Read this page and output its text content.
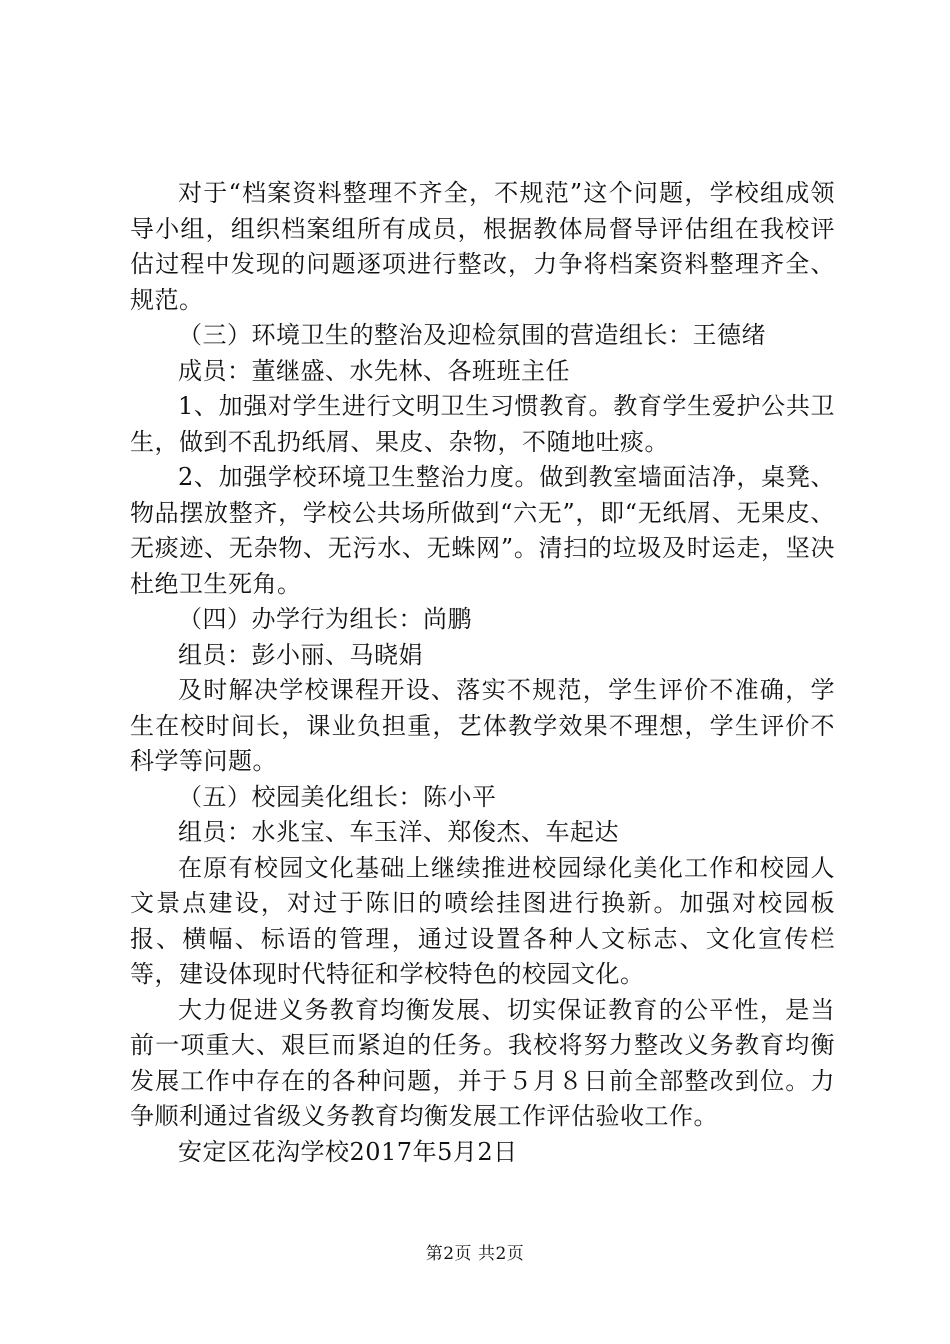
对于“档案资料整理不齐全，不规范”这个问题，学校组成领导小组，组织档案组所有成员，根据教体局督导评估组在我校评估过程中发现的问题逐项进行整改，力争将档案资料整理齐全、规范。

（三）环境卫生的整治及迎检氛围的营造组长：王德绪

成员：董继盛、水先林、各班班主任

1、加强对学生进行文明卫生习惯教育。教育学生爱护公共卫生，做到不乱扔纸屑、果皮、杂物，不随地吐痰。

2、加强学校环境卫生整治力度。做到教室墙面洁净，桌凳、物品摆放整齐，学校公共场所做到“六无”，即“无纸屑、无果皮、无痰迹、无杂物、无污水、无蛛网”。清扫的垃圾及时运走，坚决杜绝卫生死角。

（四）办学行为组长：尚鹏

组员：彭小丽、马晓娟

及时解决学校课程开设、落实不规范，学生评价不准确，学生在校时间长，课业负担重，艺体教学效果不理想，学生评价不科学等问题。

（五）校园美化组长：陈小平

组员：水兆宝、车玉洋、郑俊杰、车起达

在原有校园文化基础上继续推进校园绿化美化工作和校园人文景点建设，对过于陈旧的喷绘挂图进行换新。加强对校园板报、横幅、标语的管理，通过设置各种人文标志、文化宣传栏等，建设体现时代特征和学校特色的校园文化。

大力促进义务教育均衡发展、切实保证教育的公平性，是当前一项重大、艰巨而紧迫的任务。我校将努力整改义务教育均衡发展工作中存在的各种问题，并于５月８日前全部整改到位。力争顺利通过省级义务教育均衡发展工作评估验收工作。

安定区花沟学校2017年5月2日

第2页 共2页
